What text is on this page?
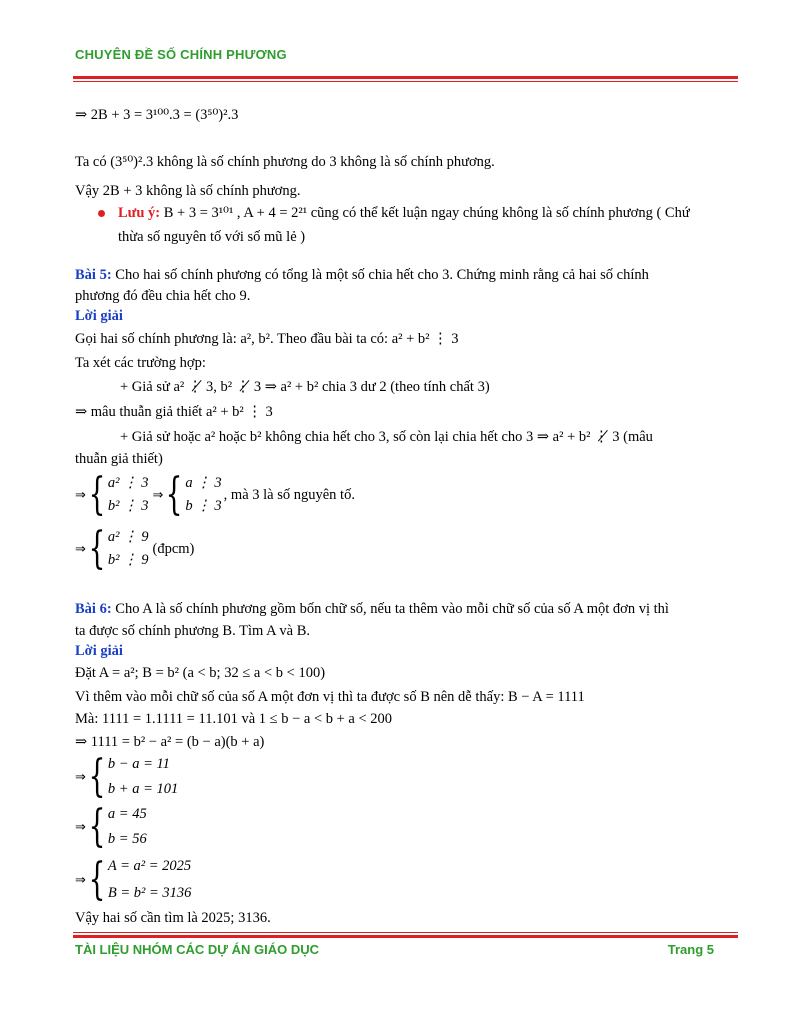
CHUYÊN ĐỀ SỐ CHÍNH PHƯƠNG
⇒ 2B + 3 = 3¹⁰⁰.3 = (3⁵⁰)².3
Ta có (3⁵⁰)².3 không là số chính phương do 3 không là số chính phương.
Vậy 2B + 3 không là số chính phương.
Lưu ý: B + 3 = 3¹⁰¹ , A + 4 = 2²¹ cũng có thể kết luận ngay chúng không là số chính phương ( Chứ
thừa số nguyên tố với số mũ lẻ )
Bài 5: Cho hai số chính phương có tổng là một số chia hết cho 3. Chứng minh rằng cả hai số chính
phương đó đều chia hết cho 9.
Lời giải
Gọi hai số chính phương là: a², b². Theo đầu bài ta có: a² + b² ⋮ 3
Ta xét các trường hợp:
+ Giả sử a² ⋮̸ 3, b² ⋮̸ 3 ⇒ a² + b² chia 3 dư 2 (theo tính chất 3)
⇒ mâu thuẫn giả thiết a² + b² ⋮ 3
+ Giả sử hoặc a² hoặc b² không chia hết cho 3, số còn lại chia hết cho 3 ⇒ a² + b² ⋮̸ 3 (mâu
thuẫn giả thiết)
⇒ { a² ⋮ 3
b² ⋮ 3
⇒ { a ⋮ 3
b ⋮ 3
, mà 3 là số nguyên tố.
⇒ { a² ⋮ 9
b² ⋮ 9
(đpcm)
Bài 6: Cho A là số chính phương gồm bốn chữ số, nếu ta thêm vào mỗi chữ số của số A một đơn vị thì
ta được số chính phương B. Tìm A và B.
Lời giải
Đặt A = a²; B = b² (a < b; 32 ≤ a < b < 100)
Vì thêm vào mỗi chữ số của số A một đơn vị thì ta được số B nên dễ thấy: B − A = 1111
Mà: 1111 = 1.1111 = 11.101 và 1 ≤ b − a < b + a < 200
⇒ 1111 = b² − a² = (b − a)(b + a)
⇒ { b − a = 11
b + a = 101
⇒ { a = 45
b = 56
⇒ { A = a² = 2025
B = b² = 3136
Vậy hai số cần tìm là 2025; 3136.
TÀI LIỆU NHÓM CÁC DỰ ÁN GIÁO DỤC	Trang 5
